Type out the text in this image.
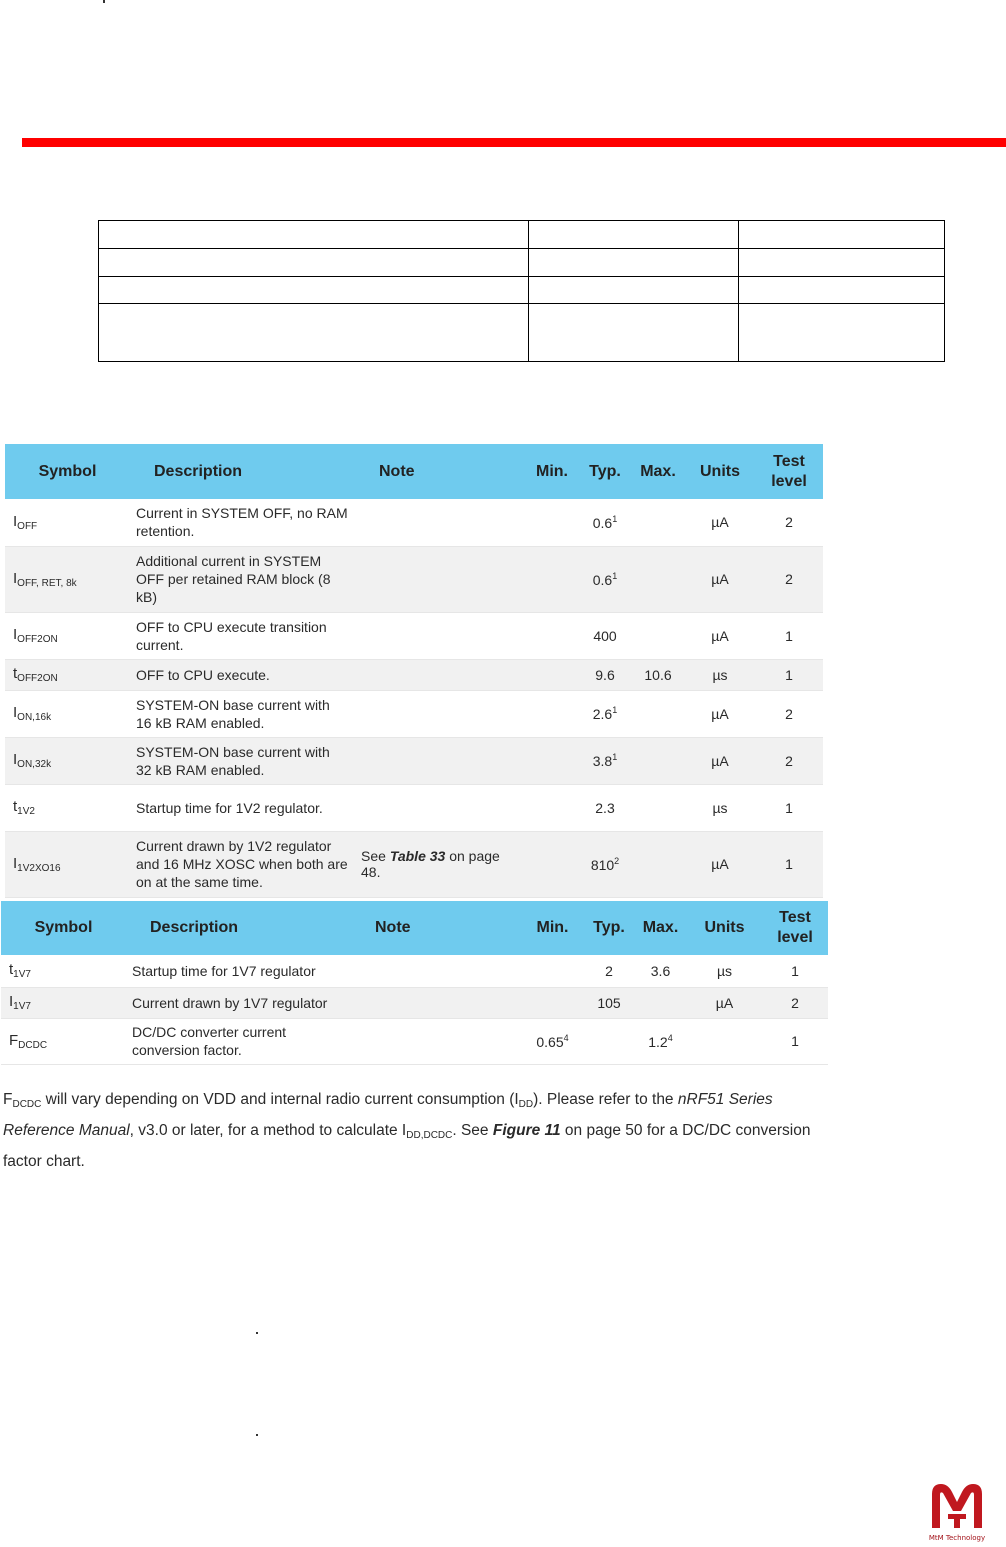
Symbol	Description	Note	Min.	Typ.	Max.	Units	Test level
$I_{OFF}$	Current in SYSTEM OFF, no RAM retention.			$0.6^1$		µA	2
$I_{OFF, RET, 8k}$	Additional current in SYSTEM OFF per retained RAM block (8 kB)			$0.6^1$		µA	2
$I_{OFF2ON}$	OFF to CPU execute transition current.			400		µA	1
$t_{OFF2ON}$	OFF to CPU execute.			9.6	10.6	µs	1
$I_{ON,16k}$	SYSTEM-ON base current with 16 kB RAM enabled.			$2.6^1$		µA	2
$I_{ON,32k}$	SYSTEM-ON base current with 32 kB RAM enabled.			$3.8^1$		µA	2
$t_{1V2}$	Startup time for 1V2 regulator.			2.3		µs	1
$I_{1V2XO16}$	Current drawn by 1V2 regulator and 16 MHz XOSC when both are on at the same time.	See Table 33 on page 48.		$810^2$		µA	1
Symbol	Description	Note	Min.	Typ.	Max.	Units	Test level
$t_{1V7}$	Startup time for 1V7 regulator			2	3.6	µs	1
$I_{1V7}$	Current drawn by 1V7 regulator			105		µA	2
$F_{DCDC}$	DC/DC converter current conversion factor.		0.65$^4$		$1.2^4$		1

$F_{DCDC}$ will vary depending on VDD and internal radio current consumption $(I_{DD})$. Please refer to the nRF51 Series Reference Manual, v3.0 or later, for a method to calculate $I_{DD,DCDC}$. See Figure 11 on page 50 for a DC/DC conversion factor chart.

MtM Technology
